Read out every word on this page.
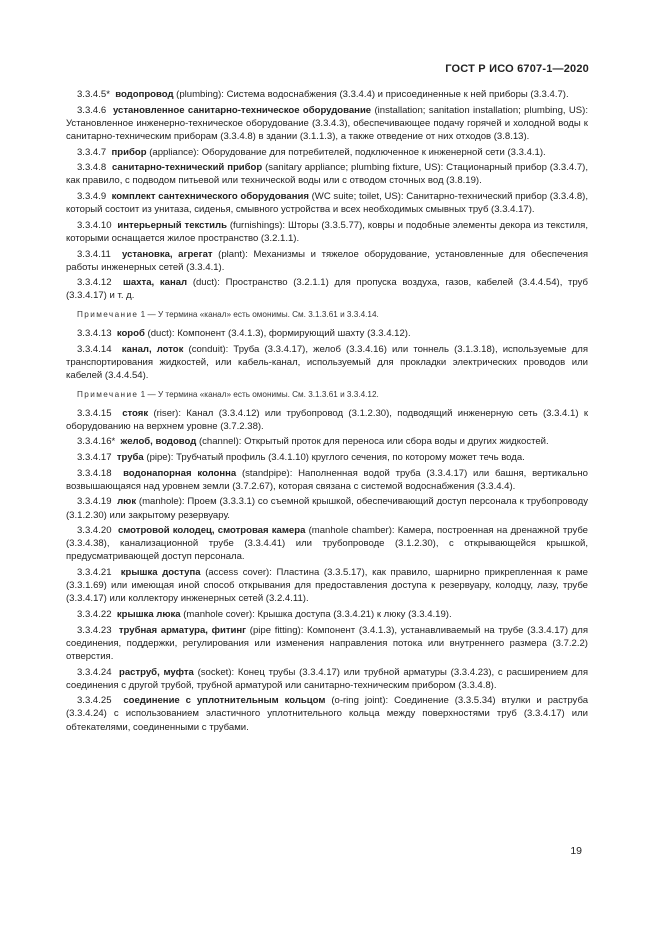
ГОСТ Р ИСО 6707-1—2020

3.3.4.5* водопровод (plumbing): Система водоснабжения (3.3.4.4) и присоединенные к ней приборы (3.3.4.7).

3.3.4.6 установленное санитарно-техническое оборудование (installation; sanitation installation; plumbing, US): Установленное инженерно-техническое оборудование (3.3.4.3), обеспечивающее подачу горячей и холодной воды к санитарно-техническим приборам (3.3.4.8) в здании (3.1.1.3), а также отведение от них отходов (3.8.13).

3.3.4.7 прибор (appliance): Оборудование для потребителей, подключенное к инженерной сети (3.3.4.1).

3.3.4.8 санитарно-технический прибор (sanitary appliance; plumbing fixture, US): Стационарный прибор (3.3.4.7), как правило, с подводом питьевой или технической воды или с отводом сточных вод (3.8.19).

3.3.4.9 комплект сантехнического оборудования (WC suite; toilet, US): Санитарно-технический прибор (3.3.4.8), который состоит из унитаза, сиденья, смывного устройства и всех необходимых смывных труб (3.3.4.17).

3.3.4.10 интерьерный текстиль (furnishings): Шторы (3.3.5.77), ковры и подобные элементы декора из текстиля, которыми оснащается жилое пространство (3.2.1.1).

3.3.4.11 установка, агрегат (plant): Механизмы и тяжелое оборудование, установленные для обеспечения работы инженерных сетей (3.3.4.1).

3.3.4.12 шахта, канал (duct): Пространство (3.2.1.1) для пропуска воздуха, газов, кабелей (3.4.4.54), труб (3.3.4.17) и т. д.

Примечание 1 — У термина «канал» есть омонимы. См. 3.1.3.61 и 3.3.4.14.

3.3.4.13 короб (duct): Компонент (3.4.1.3), формирующий шахту (3.3.4.12).

3.3.4.14 канал, лоток (conduit): Труба (3.3.4.17), желоб (3.3.4.16) или тоннель (3.1.3.18), используемые для транспортирования жидкостей, или кабель-канал, используемый для прокладки электрических проводов или кабелей (3.4.4.54).

Примечание 1 — У термина «канал» есть омонимы. См. 3.1.3.61 и 3.3.4.12.

3.3.4.15 стояк (riser): Канал (3.3.4.12) или трубопровод (3.1.2.30), подводящий инженерную сеть (3.3.4.1) к оборудованию на верхнем уровне (3.7.2.38).

3.3.4.16* желоб, водовод (channel): Открытый проток для переноса или сбора воды и других жидкостей.

3.3.4.17 труба (pipe): Трубчатый профиль (3.4.1.10) круглого сечения, по которому может течь вода.

3.3.4.18 водонапорная колонна (standpipe): Наполненная водой труба (3.3.4.17) или башня, вертикально возвышающаяся над уровнем земли (3.7.2.67), которая связана с системой водоснабжения (3.3.4.4).

3.3.4.19 люк (manhole): Проем (3.3.3.1) со съемной крышкой, обеспечивающий доступ персонала к трубопроводу (3.1.2.30) или закрытому резервуару.

3.3.4.20 смотровой колодец, смотровая камера (manhole chamber): Камера, построенная на дренажной трубе (3.3.4.38), канализационной трубе (3.3.4.41) или трубопроводе (3.1.2.30), с открывающейся крышкой, предусматривающей доступ персонала.

3.3.4.21 крышка доступа (access cover): Пластина (3.3.5.17), как правило, шарнирно прикрепленная к раме (3.3.1.69) или имеющая иной способ открывания для предоставления доступа к резервуару, колодцу, лазу, трубе (3.3.4.17) или коллектору инженерных сетей (3.2.4.11).

3.3.4.22 крышка люка (manhole cover): Крышка доступа (3.3.4.21) к люку (3.3.4.19).

3.3.4.23 трубная арматура, фитинг (pipe fitting): Компонент (3.4.1.3), устанавливаемый на трубе (3.3.4.17) для соединения, поддержки, регулирования или изменения направления потока или внутреннего размера (3.7.2.2) отверстия.

3.3.4.24 раструб, муфта (socket): Конец трубы (3.3.4.17) или трубной арматуры (3.3.4.23), с расширением для соединения с другой трубой, трубной арматурой или санитарно-техническим прибором (3.3.4.8).

3.3.4.25 соединение с уплотнительным кольцом (o-ring joint): Соединение (3.3.5.34) втулки и раструба (3.3.4.24) с использованием эластичного уплотнительного кольца между поверхностями труб (3.3.4.17) или обтекателями, соединенными с трубами.

19
